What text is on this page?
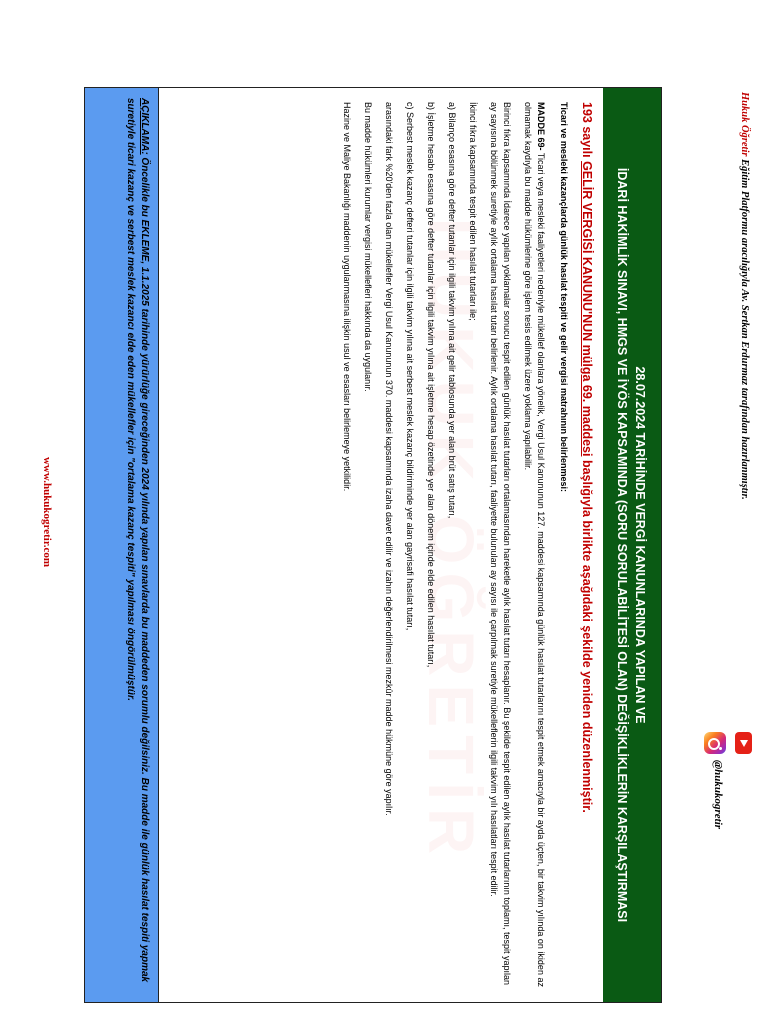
Hukuk Öğretir Eğitim Platformu aracılığıyla Av. Sertkan Erdurmaz tarafından hazırlanmıştır.
@hukukogretir
28.07.2024 TARİHİNDE VERGİ KANUNLARINDA YAPILAN VE
İDARİ HAKİMLİK SINAVI, HMGS VE İYÖS KAPSAMINDA (SORU SORULABİLİTESİ OLAN) DEĞİŞİKLİKLERİN KARŞILAŞTIRMASI

193 sayılı GELİR VERGİSİ KANUNU'NUN mülga 69. maddesi başlığıyla birlikte aşağıdaki şekilde yeniden düzenlenmiştir.

Ticari ve mesleki kazançlarda günlük hasılat tespiti ve gelir vergisi matrahının belirlenmesi:

MADDE 69- Ticari veya mesleki faaliyetleri nedeniyle mükellef olanlara yönelik, Vergi Usul Kanununun 127. maddesi kapsamında günlük hasılat tutarlarını tespit etmek amacıyla bir ayda üçten, bir takvim yılında on ikiden az olmamak kaydıyla bu madde hükümlerine göre işlem tesis edilmek üzere yoklama yapılabilir.

Birinci fıkra kapsamında İdarece yapılan yoklamalar sonucu tespit edilen günlük hasılat tutarları ortalamasından hareketle aylık hasılat tutarı hesaplanır. Bu şekilde tespit edilen aylık hasılat tutarlarının toplamı, tespit yapılan ay sayısına bölünmek suretiyle aylık ortalama hasılat tutarı belirlenir. Aylık ortalama hasılat tutarı, faaliyette bulunulan ay sayısı ile çarpılmak suretiyle mükelleflerin ilgili takvim yılı hasılatları tespit edilir.

İkinci fıkra kapsamında tespit edilen hasılat tutarları ile;

a) Bilanço esasına göre defter tutanlar için ilgili takvim yılına ait gelir tablosunda yer alan brüt satış tutarı,

b) İşletme hesabı esasına göre defter tutanlar için ilgili takvim yılına ait işletme hesap özetinde yer alan dönem içinde elde edilen hasılat tutarı,

c) Serbest meslek kazanç defteri tutanlar için ilgili takvim yılına ait serbest meslek kazanç bildiriminde yer alan gayrisafi hasılat tutarı,

arasındaki fark %20'den fazla olan mükellefler Vergi Usul Kanununun 370. maddesi kapsamında izaha davet edilir ve izahın değerlendirilmesi mezkûr madde hükmüne göre yapılır.

Bu madde hükümleri kurumlar vergisi mükellefleri hakkında da uygulanır.

Hazine ve Maliye Bakanlığı maddenin uygulanmasına ilişkin usul ve esasları belirlemeye yetkilidir.

AÇIKLAMA: Öncelikle bu EKLEME, 1.1.2025 tarihinde yürürlüğe gireceğinden 2024 yılında yapılan sınavlarda bu maddeden sorumlu değilsiniz. Bu madde ile günlük hasılat tespiti yapmak suretiyle ticari kazanç ve serbest meslek kazancı elde eden mükellefler için "ortalama kazanç tespiti" yapılması öngörülmüştür.
www.hukukogretir.com
